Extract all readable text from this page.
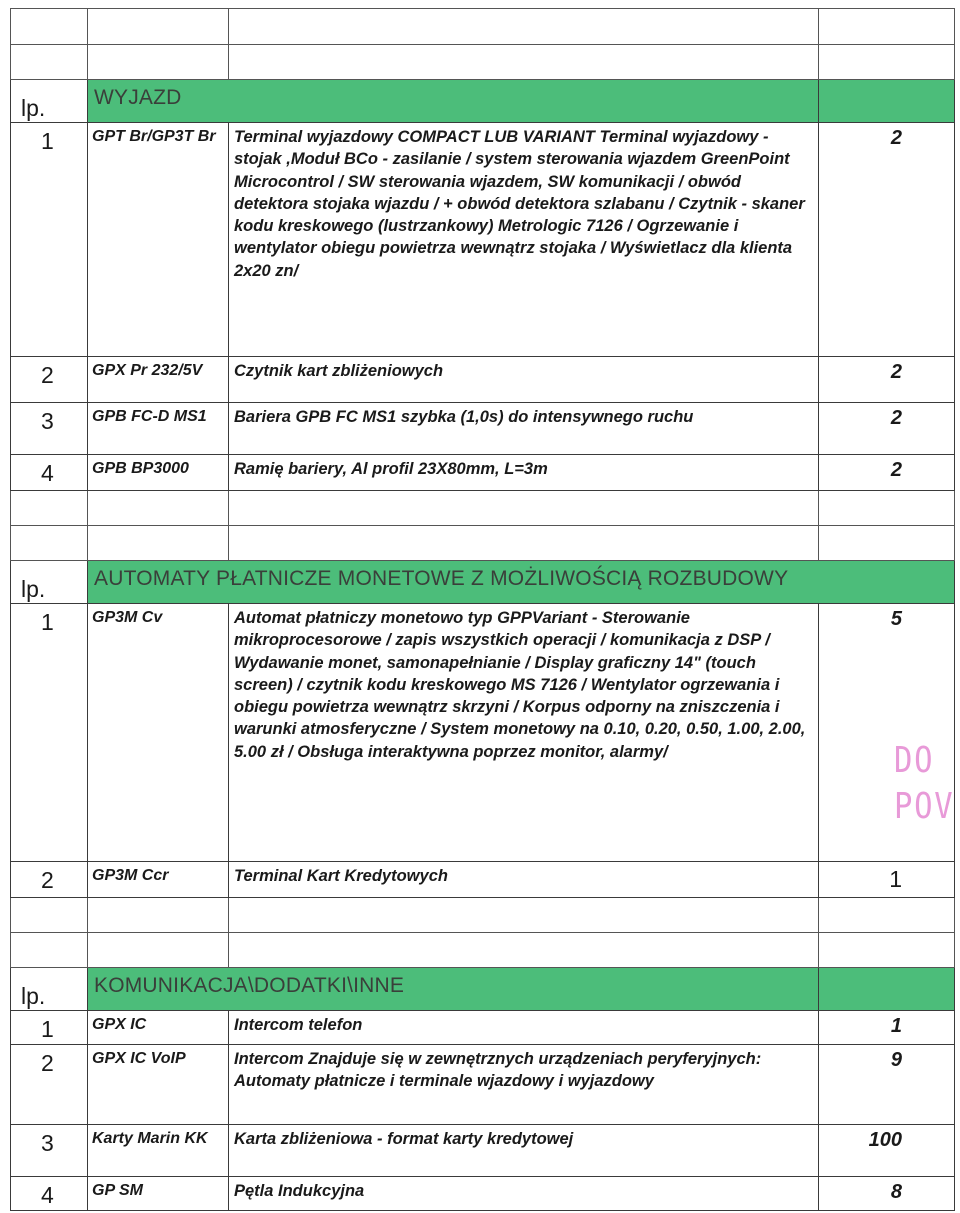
lp.	WYJAZD		
1	GPT Br/GP3T Br	Terminal wyjazdowy COMPACT LUB VARIANT Terminal wyjazdowy - stojak ,Moduł BCo - zasilanie / system sterowania wjazdem GreenPoint Microcontrol / SW sterowania wjazdem, SW komunikacji / obwód detektora stojaka wjazdu / + obwód detektora szlabanu / Czytnik - skaner kodu kreskowego (lustrzankowy) Metrologic 7126 / Ogrzewanie i wentylator obiegu powietrza wewnątrz stojaka / Wyświetlacz dla klienta 2x20 zn/	2
2	GPX Pr 232/5V	Czytnik kart zbliżeniowych	2
3	GPB FC-D MS1	Bariera GPB FC MS1 szybka (1,0s) do intensywnego ruchu	2
4	GPB BP3000	Ramię bariery, Al profil 23X80mm, L=3m	2

lp.	AUTOMATY PŁATNICZE MONETOWE Z MOŻLIWOŚCIĄ ROZBUDOWY		
1	GP3M Cv	Automat płatniczy monetowo typ GPPVariant - Sterowanie mikroprocesorowe / zapis wszystkich operacji / komunikacja z DSP / Wydawanie monet, samonapełnianie / Display graficzny 14" (touch screen) / czytnik kodu kreskowego MS 7126 / Wentylator ogrzewania i obiegu powietrza wewnątrz skrzyni / Korpus odporny na zniszczenia i warunki atmosferyczne / System monetowy na 0.10, 0.20, 0.50, 1.00, 2.00, 5.00 zł / Obsługa interaktywna poprzez monitor, alarmy/	5
2	GP3M Ccr	Terminal Kart Kredytowych	1

lp.	KOMUNIKACJA\DODATKI\INNE		
1	GPX IC	Intercom telefon	1
2	GPX IC VoIP	Intercom Znajduje się w zewnętrznych urządzeniach peryferyjnych: Automaty płatnicze i terminale wjazdowy i wyjazdowy	9
3	Karty Marin KK	Karta zbliżeniowa - format karty kredytowej	100
4	GP SM	Pętla Indukcyjna	8
DO
POV
